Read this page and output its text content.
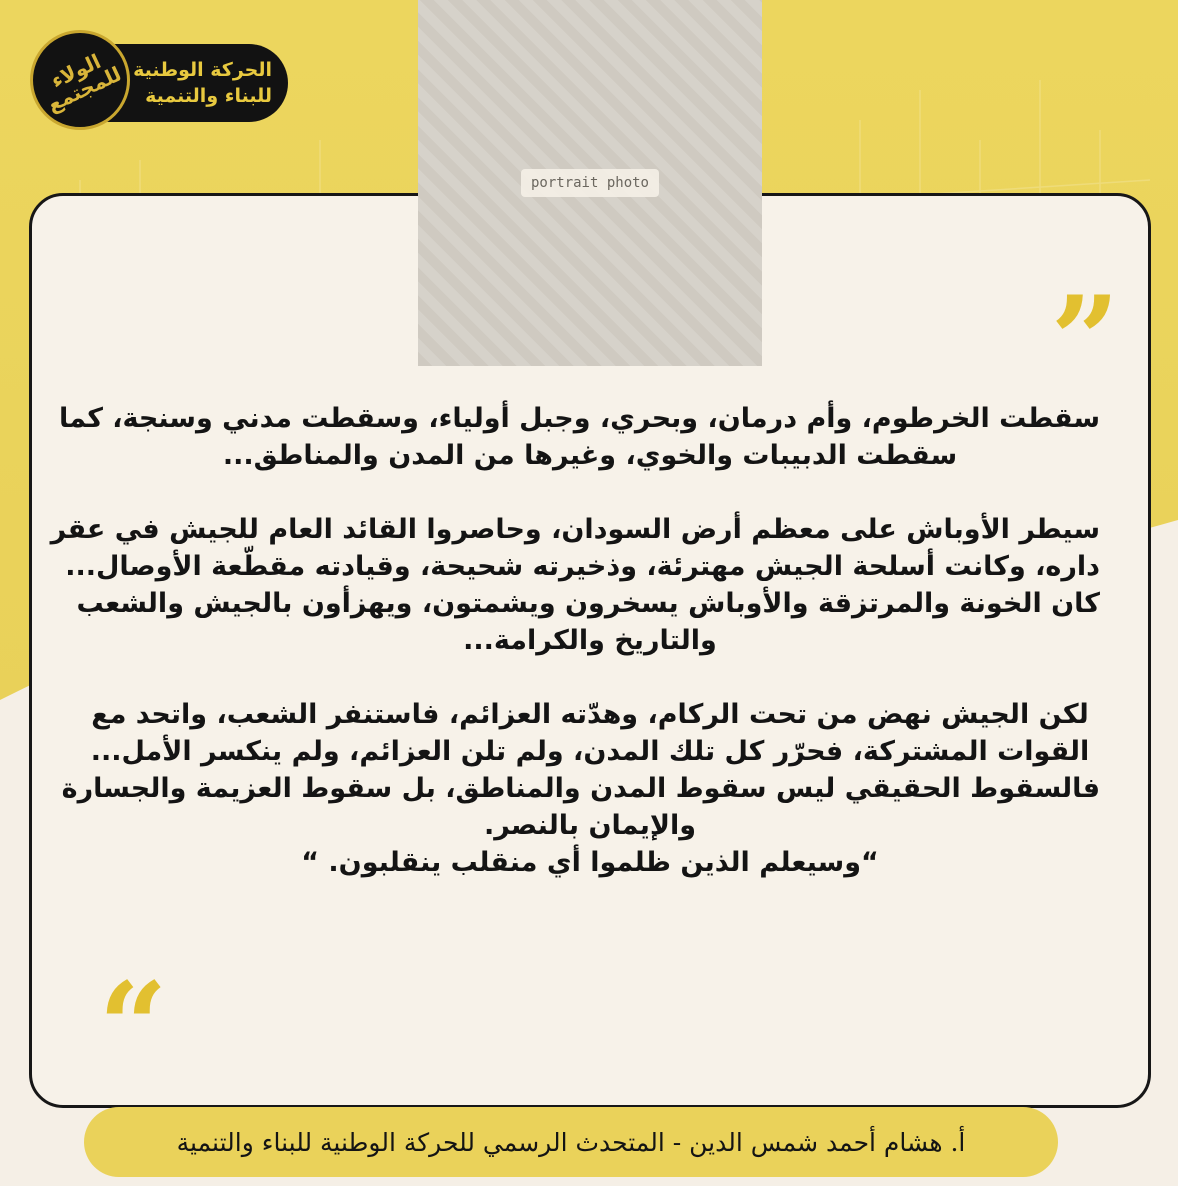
الحركة الوطنية
للبناء والتنمية
الولاء للمجتمع
portrait photo
”
“
سقطت الخرطوم، وأم درمان، وبحري، وجبل أولياء، وسقطت مدني وسنجة، كما
سقطت الدبيبات والخوي، وغيرها من المدن والمناطق...
سيطر الأوباش على معظم أرض السودان، وحاصروا القائد العام للجيش في عقر
داره، وكانت أسلحة الجيش مهترئة، وذخيرته شحيحة، وقيادته مقطّعة الأوصال...
كان الخونة والمرتزقة والأوباش يسخرون ويشمتون، ويهزأون بالجيش والشعب
والتاريخ والكرامة...
لكن الجيش نهض من تحت الركام، وهدّته العزائم، فاستنفر الشعب، واتحد مع
القوات المشتركة، فحرّر كل تلك المدن، ولم تلن العزائم، ولم ينكسر الأمل...
فالسقوط الحقيقي ليس سقوط المدن والمناطق، بل سقوط العزيمة والجسارة
والإيمان بالنصر.
“وسيعلم الذين ظلموا أي منقلب ينقلبون. “
أ. هشام أحمد شمس الدين - المتحدث الرسمي للحركة الوطنية للبناء والتنمية
